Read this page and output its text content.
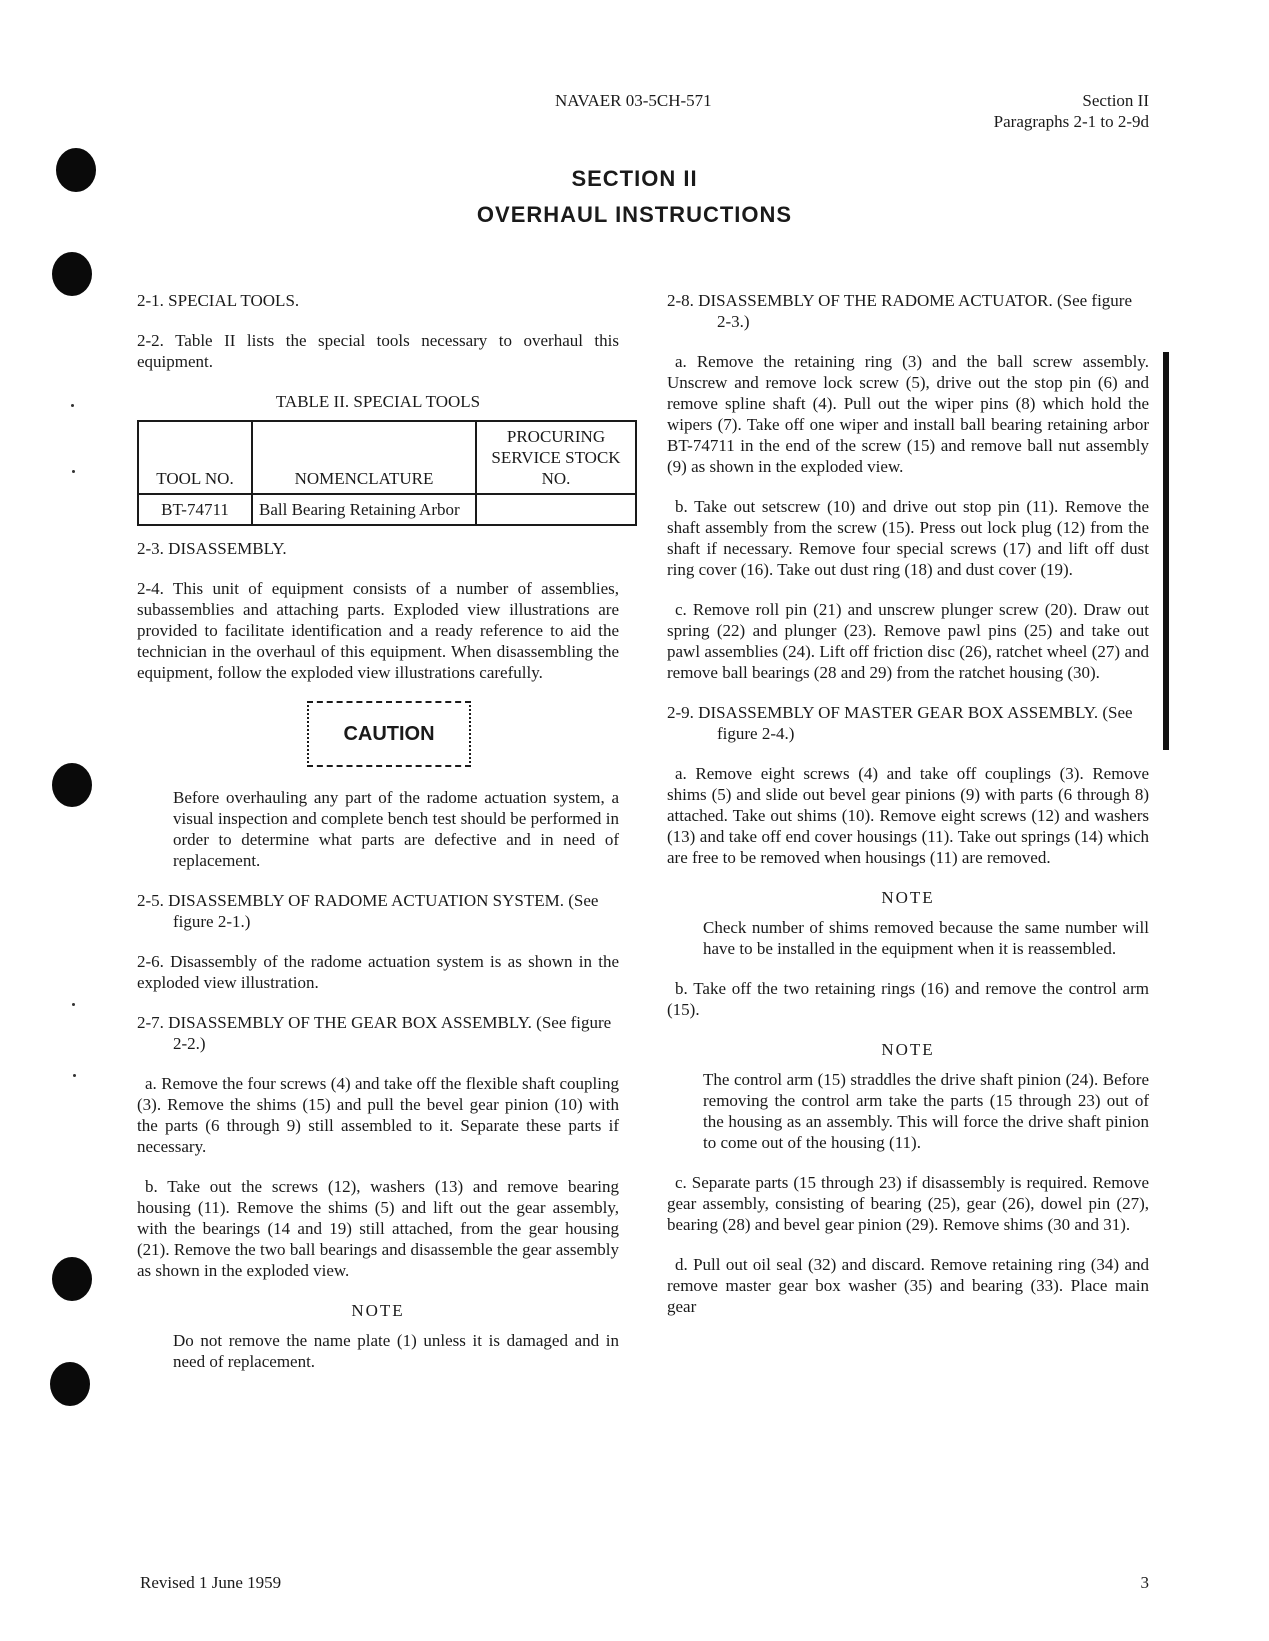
NAVAER 03-5CH-571	Section II
Paragraphs 2-1 to 2-9d
SECTION II
OVERHAUL INSTRUCTIONS

2-1. SPECIAL TOOLS.

2-2. Table II lists the special tools necessary to overhaul this equipment.

TABLE II. SPECIAL TOOLS

TOOL NO.	NOMENCLATURE	PROCURING SERVICE STOCK NO.
BT-74711	Ball Bearing Retaining Arbor	

2-3. DISASSEMBLY.

2-4. This unit of equipment consists of a number of assemblies, subassemblies and attaching parts. Exploded view illustrations are provided to facilitate identification and a ready reference to aid the technician in the overhaul of this equipment. When disassembling the equipment, follow the exploded view illustrations carefully.

CAUTION

Before overhauling any part of the radome actuation system, a visual inspection and complete bench test should be performed in order to determine what parts are defective and in need of replacement.

2-5. DISASSEMBLY OF RADOME ACTUATION SYSTEM. (See figure 2-1.)

2-6. Disassembly of the radome actuation system is as shown in the exploded view illustration.

2-7. DISASSEMBLY OF THE GEAR BOX ASSEMBLY. (See figure 2-2.)

a. Remove the four screws (4) and take off the flexible shaft coupling (3). Remove the shims (15) and pull the bevel gear pinion (10) with the parts (6 through 9) still assembled to it. Separate these parts if necessary.

b. Take out the screws (12), washers (13) and remove bearing housing (11). Remove the shims (5) and lift out the gear assembly, with the bearings (14 and 19) still attached, from the gear housing (21). Remove the two ball bearings and disassemble the gear assembly as shown in the exploded view.

NOTE

Do not remove the name plate (1) unless it is damaged and in need of replacement.

2-8. DISASSEMBLY OF THE RADOME ACTUATOR. (See figure 2-3.)

a. Remove the retaining ring (3) and the ball screw assembly. Unscrew and remove lock screw (5), drive out the stop pin (6) and remove spline shaft (4). Pull out the wiper pins (8) which hold the wipers (7). Take off one wiper and install ball bearing retaining arbor BT-74711 in the end of the screw (15) and remove ball nut assembly (9) as shown in the exploded view.

b. Take out setscrew (10) and drive out stop pin (11). Remove the shaft assembly from the screw (15). Press out lock plug (12) from the shaft if necessary. Remove four special screws (17) and lift off dust ring cover (16). Take out dust ring (18) and dust cover (19).

c. Remove roll pin (21) and unscrew plunger screw (20). Draw out spring (22) and plunger (23). Remove pawl pins (25) and take out pawl assemblies (24). Lift off friction disc (26), ratchet wheel (27) and remove ball bearings (28 and 29) from the ratchet housing (30).

2-9. DISASSEMBLY OF MASTER GEAR BOX ASSEMBLY. (See figure 2-4.)

a. Remove eight screws (4) and take off couplings (3). Remove shims (5) and slide out bevel gear pinions (9) with parts (6 through 8) attached. Take out shims (10). Remove eight screws (12) and washers (13) and take off end cover housings (11). Take out springs (14) which are free to be removed when housings (11) are removed.

NOTE

Check number of shims removed because the same number will have to be installed in the equipment when it is reassembled.

b. Take off the two retaining rings (16) and remove the control arm (15).

NOTE

The control arm (15) straddles the drive shaft pinion (24). Before removing the control arm take the parts (15 through 23) out of the housing as an assembly. This will force the drive shaft pinion to come out of the housing (11).

c. Separate parts (15 through 23) if disassembly is required. Remove gear assembly, consisting of bearing (25), gear (26), dowel pin (27), bearing (28) and bevel gear pinion (29). Remove shims (30 and 31).

d. Pull out oil seal (32) and discard. Remove retaining ring (34) and remove master gear box washer (35) and bearing (33). Place main gear

Revised 1 June 1959	3
